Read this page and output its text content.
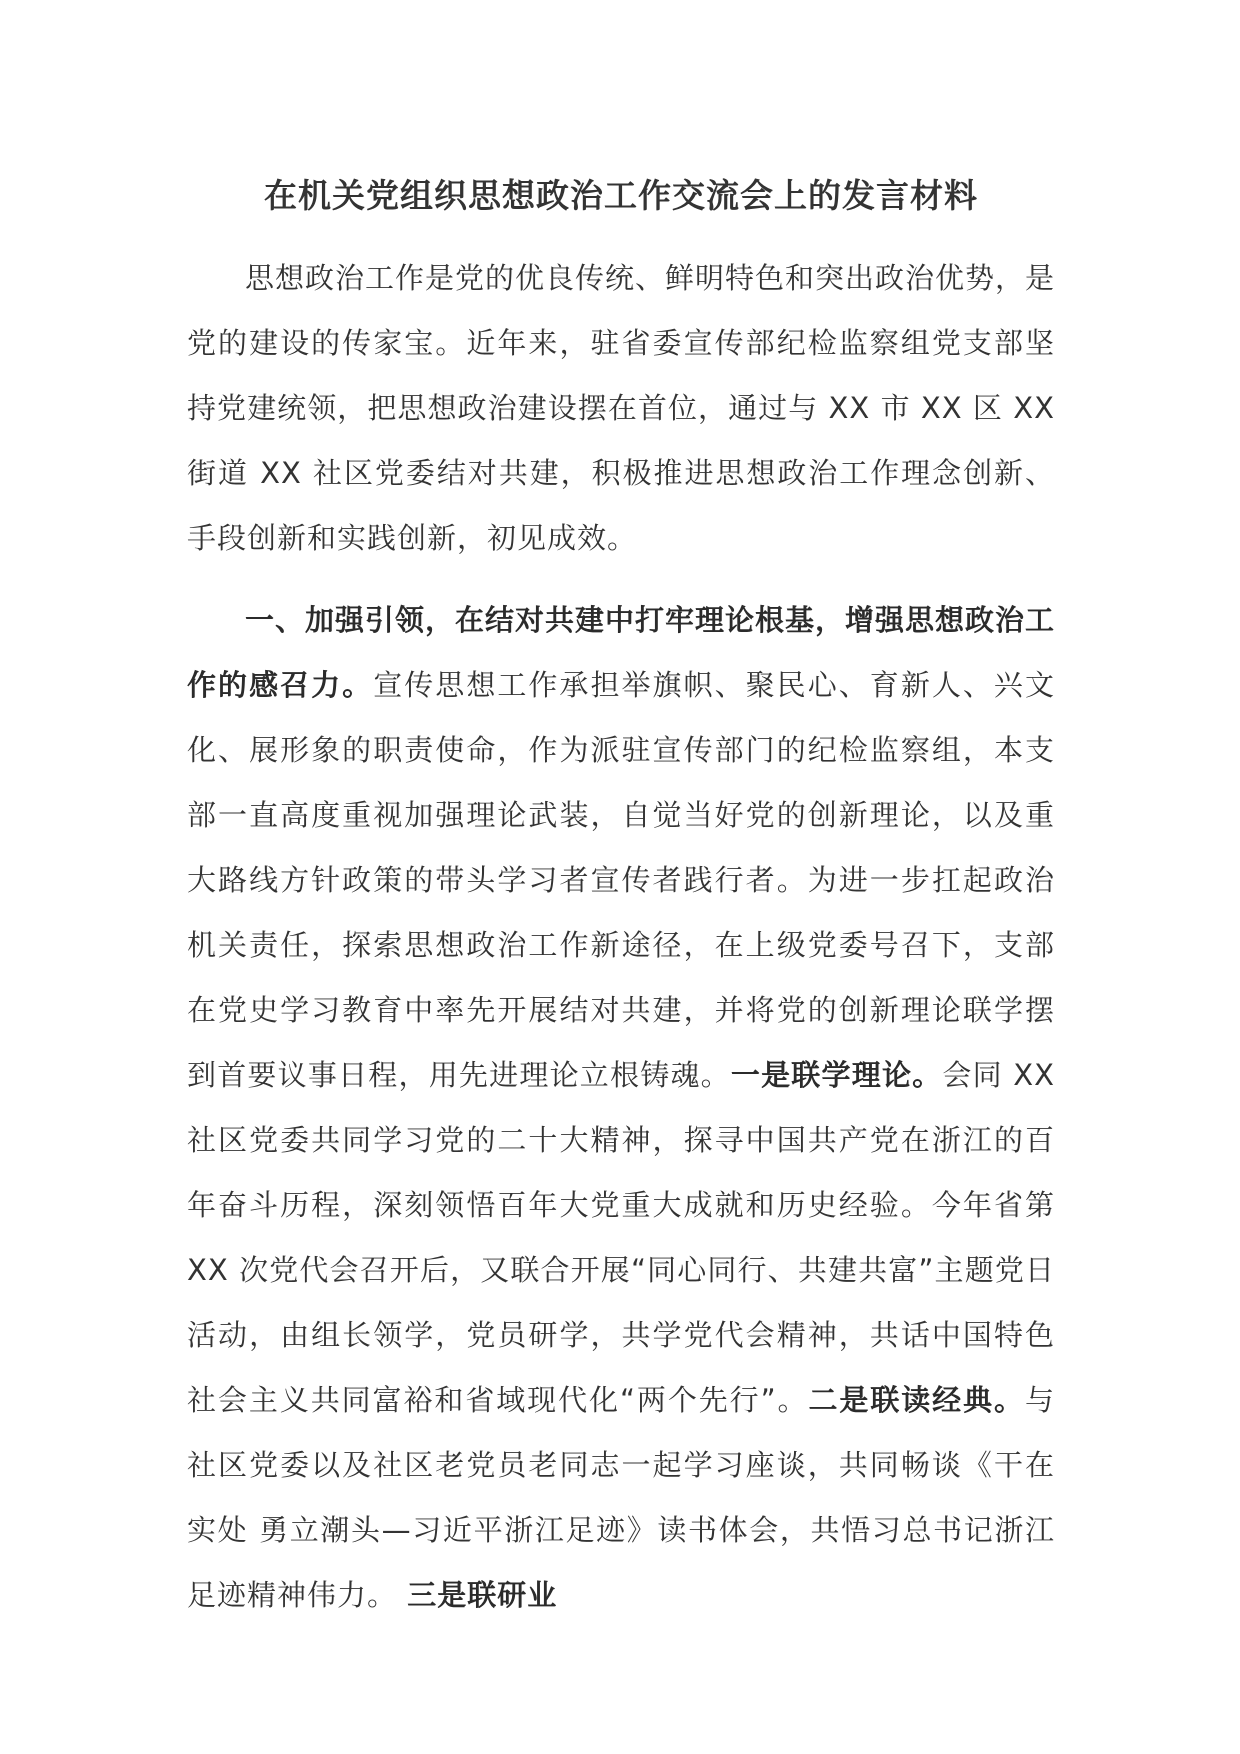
在机关党组织思想政治工作交流会上的发言材料

思想政治工作是党的优良传统、鲜明特色和突出政治优势，是党的建设的传家宝。近年来，驻省委宣传部纪检监察组党支部坚持党建统领，把思想政治建设摆在首位，通过与 XX 市 XX 区 XX 街道 XX 社区党委结对共建，积极推进思想政治工作理念创新、手段创新和实践创新，初见成效。

一、加强引领，在结对共建中打牢理论根基，增强思想政治工作的感召力。宣传思想工作承担举旗帜、聚民心、育新人、兴文化、展形象的职责使命，作为派驻宣传部门的纪检监察组，本支部一直高度重视加强理论武装，自觉当好党的创新理论，以及重大路线方针政策的带头学习者宣传者践行者。为进一步扛起政治机关责任，探索思想政治工作新途径，在上级党委号召下，支部在党史学习教育中率先开展结对共建，并将党的创新理论联学摆到首要议事日程，用先进理论立根铸魂。一是联学理论。会同 XX 社区党委共同学习党的二十大精神，探寻中国共产党在浙江的百年奋斗历程，深刻领悟百年大党重大成就和历史经验。今年省第 XX 次党代会召开后，又联合开展“同心同行、共建共富”主题党日活动，由组长领学，党员研学，共学党代会精神，共话中国特色社会主义共同富裕和省域现代化“两个先行”。二是联读经典。与社区党委以及社区老党员老同志一起学习座谈，共同畅谈《干在实处 勇立潮头—习近平浙江足迹》读书体会，共悟习总书记浙江足迹精神伟力。 三是联研业
